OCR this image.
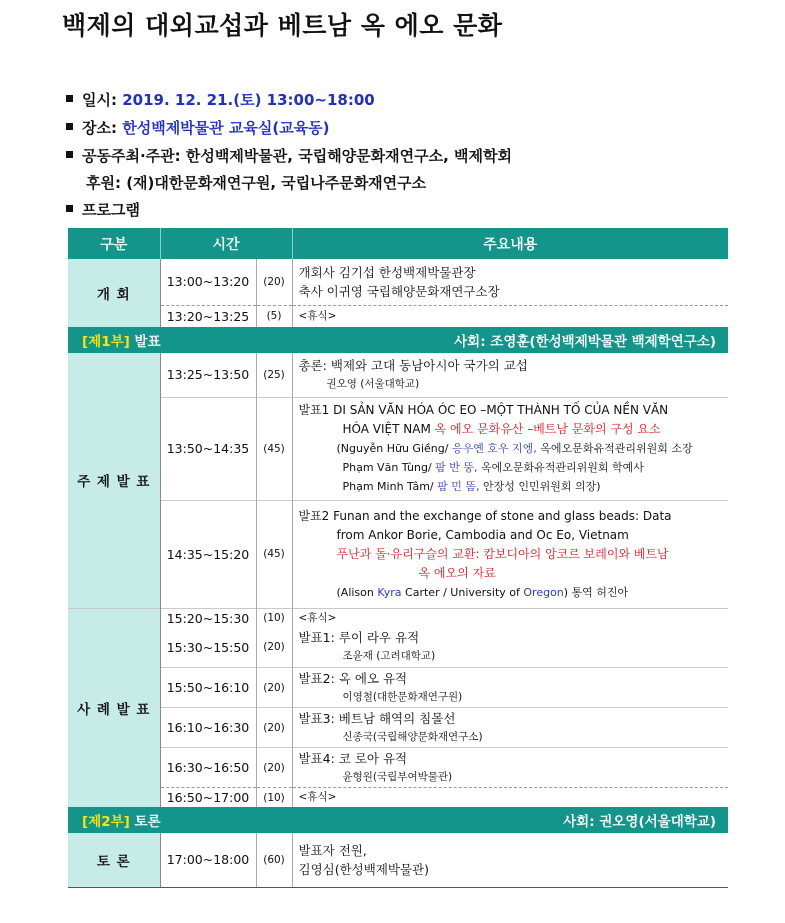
백제의 대외교섭과 베트남 옥 에오 문화
일시: 2019. 12. 21.(토) 13:00~18:00
장소: 한성백제박물관 교육실(교육동)
공동주최·주관: 한성백제박물관, 국립해양문화재연구소, 백제학회
후원: (재)대한문화재연구원, 국립나주문화재연구소
프로그램
구분	시간		주요내용
개 회	13:00~13:20	(20)	개회사 김기섭 한성백제박물관장
축사 이귀영 국립해양문화재연구소장

	13:20~13:25	(5)	<휴식>
[제1부] 발표			사회: 조영훈(한성백제박물관 백제학연구소)
주 제 발 표	13:25~13:50	(25)	총론: 백제와 고대 동남아시아 국가의 교섭
권오영 (서울대학교)

	13:50~14:35	(45)	발표1 DI SẢN VĂN HÓA ÓC EO –MỘT THÀNH TỐ CỦA NỀN VĂN
HÓA VIỆT NAM 옥 에오 문화유산 –베트남 문화의 구성 요소
(Nguyễn Hữu Giềng/ 응우옌 호우 지엥, 옥에오문화유적관리위원회 소장
Phạm Văn Tùng/ 팜 반 뚱, 옥에오문화유적관리위원회 학예사
Phạm Minh Tâm/ 팜 민 똠, 안장성 인민위원회 의장)

	14:35~15:20	(45)	발표2 Funan and the exchange of stone and glass beads: Data
from Ankor Borie, Cambodia and Oc Eo, Vietnam
푸난과 돌·유리구슬의 교환: 캄보디아의 앙코르 보레이와 베트남
옥 에오의 자료
(Alison Kyra Carter / University of Oregon) 통역 허진아

사 례 발 표	15:20~15:30	(10)	<휴식>
	15:30~15:50	(20)	발표1: 루이 라우 유적
조윤재 (고려대학교)

	15:50~16:10	(20)	발표2: 옥 에오 유적
이영철(대한문화재연구원)

	16:10~16:30	(20)	발표3: 베트남 해역의 침몰선
신종국(국립해양문화재연구소)

	16:30~16:50	(20)	발표4: 코 로아 유적
윤형원(국립부여박물관)

	16:50~17:00	(10)	<휴식>
[제2부] 토론			사회: 권오영(서울대학교)
토 론	17:00~18:00	(60)	발표자 전원,
김영심(한성백제박물관)
